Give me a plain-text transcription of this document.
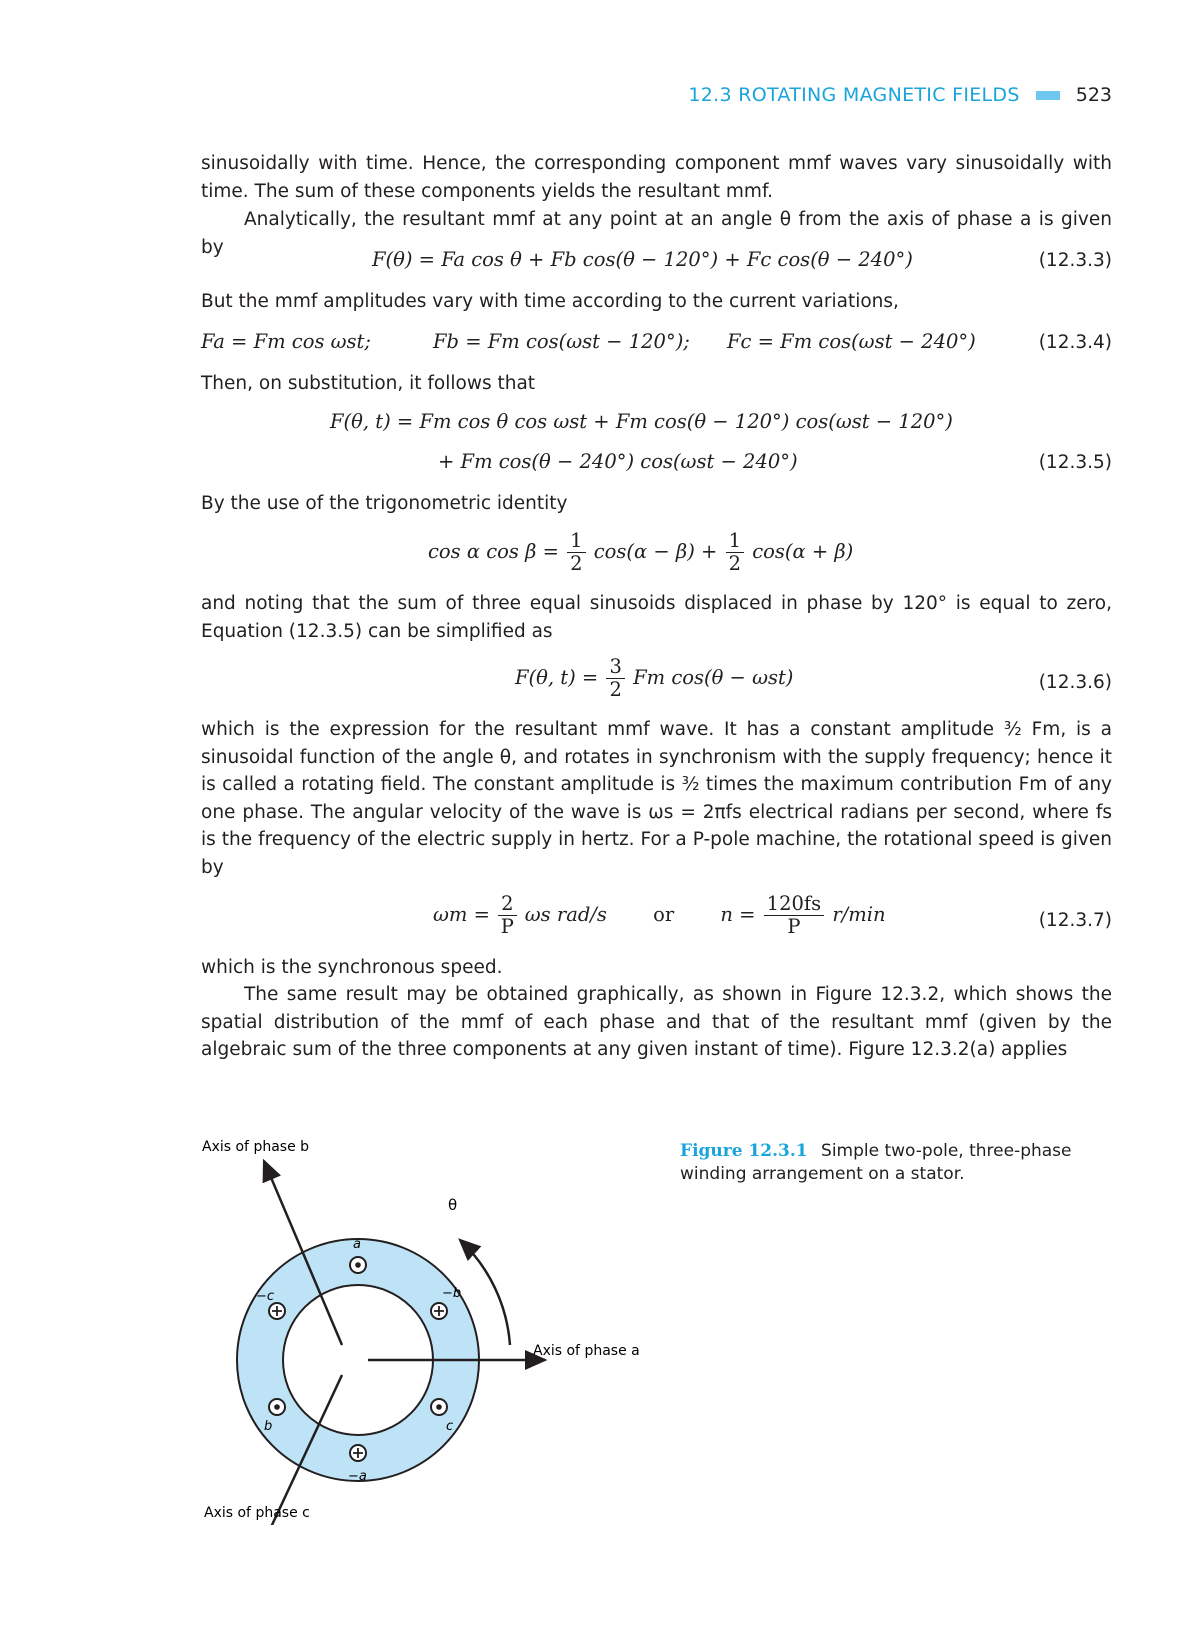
12.3 ROTATING MAGNETIC FIELDS	523

sinusoidally with time. Hence, the corresponding component mmf waves vary sinusoidally with time. The sum of these components yields the resultant mmf.

Analytically, the resultant mmf at any point at an angle θ from the axis of phase a is given by

F(θ) = Fa cos θ + Fb cos(θ − 120°) + Fc cos(θ − 240°)	(12.3.3)

But the mmf amplitudes vary with time according to the current variations,

Fa = Fm cos ωst;	Fb = Fm cos(ωst − 120°); Fc = Fm cos(ωst − 240°)	(12.3.4)

Then, on substitution, it follows that

F(θ, t) = Fm cos θ cos ωst + Fm cos(θ − 120°) cos(ωst − 120°)
+ Fm cos(θ − 240°) cos(ωst − 240°)	(12.3.5)

By the use of the trigonometric identity

cos α $\cos \beta = \frac{1}{2} \cos(\alpha - \beta) + \frac{1}{2} \cos(\alpha + \beta)$

and noting that the sum of three equal sinusoids displaced in phase by 120° is equal to zero, Equation (12.3.5) can be simplified as

F(θ, $t) = \frac{3}{2}$ Fm cos(θ − ωst)	(12.3.6)

which is the expression for the resultant mmf wave. It has a constant amplitude ³⁄₂ Fm, is a sinusoidal function of the angle θ, and rotates in synchronism with the supply frequency; hence it is called a rotating field. The constant amplitude is ³⁄₂ times the maximum contribution Fm of any one phase. The angular velocity of the wave is ωs = 2πfs electrical radians per second, where fs is the frequency of the electric supply in hertz. For a P-pole machine, the rotational speed is given by

$\omega m = \frac{2}{P}$ ωs rad/s or $n = \frac{120fs}{P} r/\min$	(12.3.7)

which is the synchronous speed.

The same result may be obtained graphically, as shown in Figure 12.3.2, which shows the spatial distribution of the mmf of each phase and that of the resultant mmf (given by the algebraic sum of the three components at any given instant of time). Figure 12.3.2(a) applies

a
−b
c
−a
b
−c
θ
Axis of phase b
Axis of phase a
Axis of phase c
Figure 12.3.1 Simple two-pole, three-phase winding arrangement on a stator.
